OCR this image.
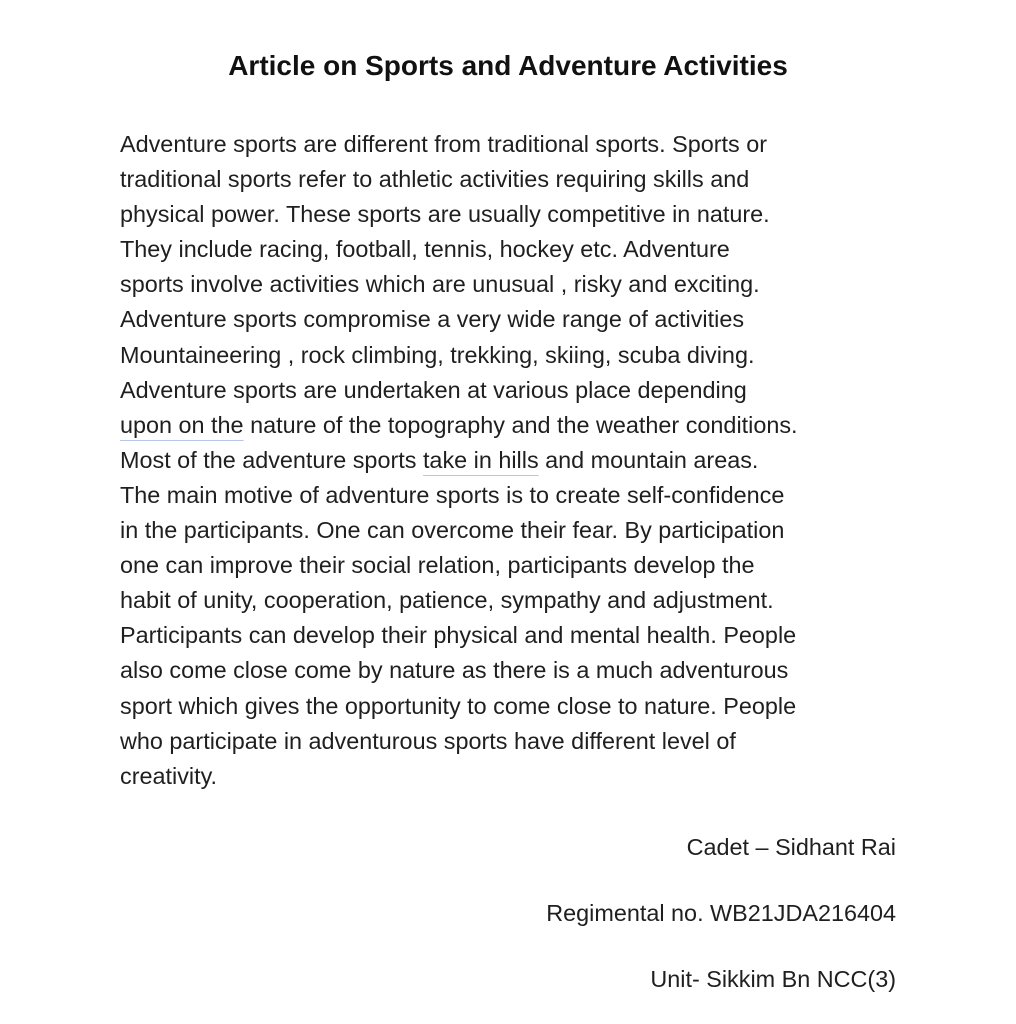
Article on Sports and Adventure Activities
Adventure sports are different from traditional sports. Sports or
traditional sports refer to athletic activities requiring skills and
physical power. These sports are usually competitive in nature.
They include racing, football, tennis, hockey etc. Adventure
sports involve activities which are unusual , risky and exciting.
Adventure sports compromise a very wide range of activities
Mountaineering , rock climbing, trekking, skiing, scuba diving.
Adventure sports are undertaken at various place depending
upon on the nature of the topography and the weather conditions.
Most of the adventure sports take in hills and mountain areas.
The main motive of adventure sports is to create self-confidence
in the participants. One can overcome their fear. By participation
one can improve their social relation, participants develop the
habit of unity, cooperation, patience, sympathy and adjustment.
Participants can develop their physical and mental health. People
also come close come by nature as there is a much adventurous
sport which gives the opportunity to come close to nature. People
who participate in adventurous sports have different level of
creativity.
Cadet – Sidhant Rai
Regimental no. WB21JDA216404
Unit- Sikkim Bn NCC(3)
